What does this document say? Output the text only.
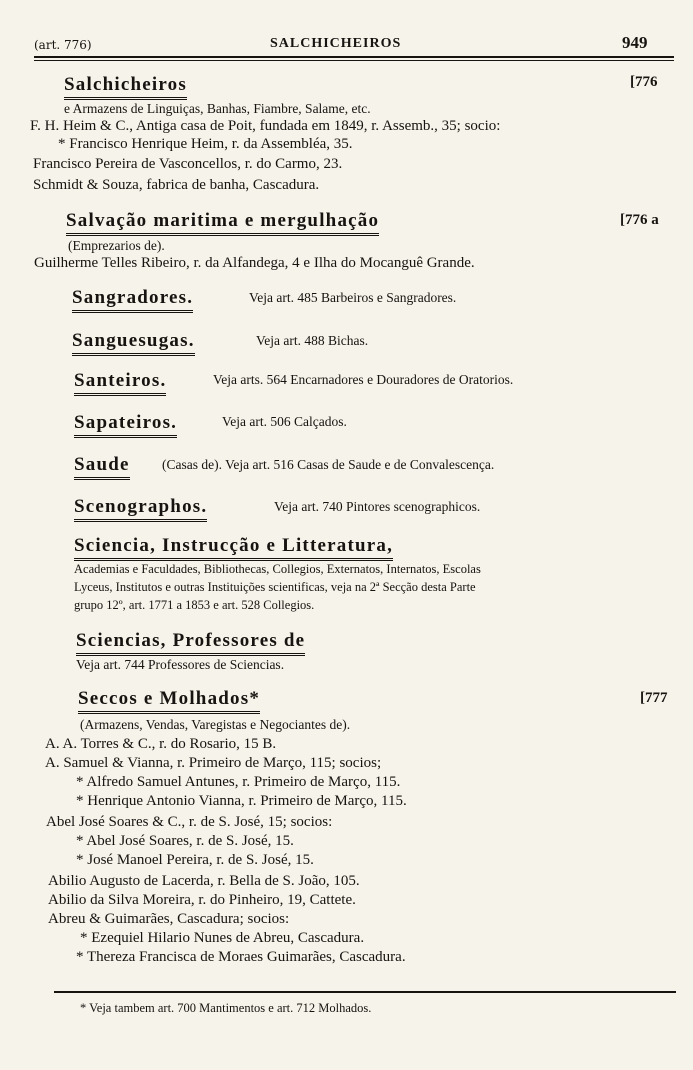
(art. 776)	SALCHICHEIROS	949
Salchicheiros	[776
e Armazens de Linguiças, Banhas, Fiambre, Salame, etc.
F. H. Heim & C., Antiga casa de Poit, fundada em 1849, r. Assemb., 35; socio:
* Francisco Henrique Heim, r. da Assembléa, 35.
Francisco Pereira de Vasconcellos, r. do Carmo, 23.
Schmidt & Souza, fabrica de banha, Cascadura.
Salvação maritima e mergulhação	[776 a
(Emprezarios de).
Guilherme Telles Ribeiro, r. da Alfandega, 4 e Ilha do Mocanguê Grande.
Sangradores.	Veja art. 485 Barbeiros e Sangradores.
Sanguesugas.	Veja art. 488 Bichas.
Santeiros.	Veja arts. 564 Encarnadores e Douradores de Oratorios.
Sapateiros.	Veja art. 506 Calçados.
Saude (Casas de). Veja art. 516 Casas de Saude e de Convalescença.
Scenographos.	Veja art. 740 Pintores scenographicos.
Sciencia, Instrucção e Litteratura,
Academias e Faculdades, Bibliothecas, Collegios, Externatos, Internatos, Escolas
Lyceus, Institutos e outras Instituições scientificas, veja na 2ª Secção desta Parte
grupo 12º, art. 1771 a 1853 e art. 528 Collegios.
Sciencias, Professores de
Veja art. 744 Professores de Sciencias.
Seccos e Molhados*	[777
(Armazens, Vendas, Varegistas e Negociantes de).
A. A. Torres & C., r. do Rosario, 15 B.
A. Samuel & Vianna, r. Primeiro de Março, 115; socios;
* Alfredo Samuel Antunes, r. Primeiro de Março, 115.
* Henrique Antonio Vianna, r. Primeiro de Março, 115.
Abel José Soares & C., r. de S. José, 15; socios:
* Abel José Soares, r. de S. José, 15.
* José Manoel Pereira, r. de S. José, 15.
Abilio Augusto de Lacerda, r. Bella de S. João, 105.
Abilio da Silva Moreira, r. do Pinheiro, 19, Cattete.
Abreu & Guimarães, Cascadura; socios:
* Ezequiel Hilario Nunes de Abreu, Cascadura.
* Thereza Francisca de Moraes Guimarães, Cascadura.
* Veja tambem art. 700 Mantimentos e art. 712 Molhados.
